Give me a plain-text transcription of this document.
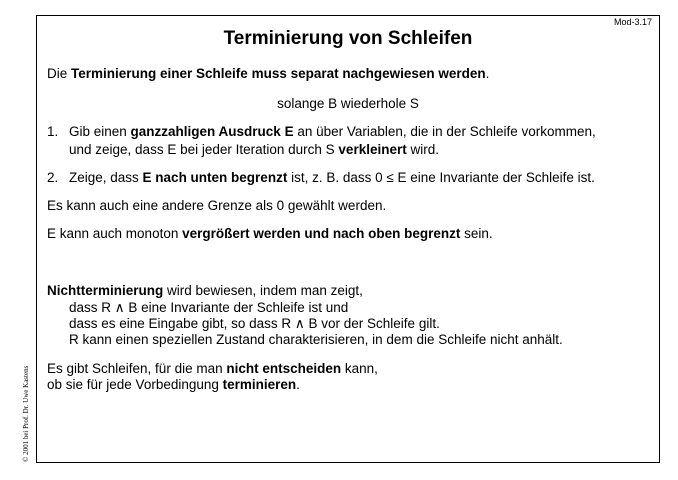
Mod-3.17
© 2001 bei Prof. Dr. Uwe Kastens
Terminierung von Schleifen
Die Terminierung einer Schleife muss separat nachgewiesen werden.
solange B wiederhole S
1. Gib einen ganzzahligen Ausdruck E an über Variablen, die in der Schleife vorkommen,
und zeige, dass E bei jeder Iteration durch S verkleinert wird.
2. Zeige, dass E nach unten begrenzt ist, z. B. dass 0 ≤ E eine Invariante der Schleife ist.
Es kann auch eine andere Grenze als 0 gewählt werden.
E kann auch monoton vergrößert werden und nach oben begrenzt sein.
Nichtterminierung wird bewiesen, indem man zeigt,
dass R ∧ B eine Invariante der Schleife ist und
dass es eine Eingabe gibt, so dass R ∧ B vor der Schleife gilt.
R kann einen speziellen Zustand charakterisieren, in dem die Schleife nicht anhält.
Es gibt Schleifen, für die man nicht entscheiden kann,
ob sie für jede Vorbedingung terminieren.
